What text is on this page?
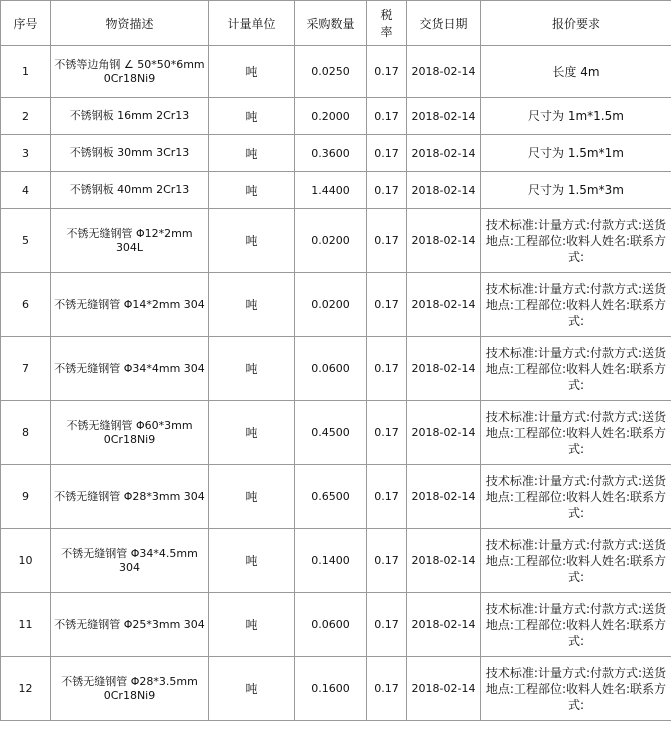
序号	物资描述	计量单位	采购数量	税率	交货日期	报价要求
1	不锈等边角钢 ∠ 50*50*6mm 0Cr18Ni9	吨	0.0250	0.17	2018-02-14	长度 4m
2	不锈钢板 16mm 2Cr13	吨	0.2000	0.17	2018-02-14	尺寸为 1m*1.5m
3	不锈钢板 30mm 3Cr13	吨	0.3600	0.17	2018-02-14	尺寸为 1.5m*1m
4	不锈钢板 40mm 2Cr13	吨	1.4400	0.17	2018-02-14	尺寸为 1.5m*3m
5	不锈无缝钢管 Φ12*2mm 304L	吨	0.0200	0.17	2018-02-14	技术标准:计量方式:付款方式:送货地点:工程部位:收料人姓名:联系方式:
6	不锈无缝钢管 Φ14*2mm 304	吨	0.0200	0.17	2018-02-14	技术标准:计量方式:付款方式:送货地点:工程部位:收料人姓名:联系方式:
7	不锈无缝钢管 Φ34*4mm 304	吨	0.0600	0.17	2018-02-14	技术标准:计量方式:付款方式:送货地点:工程部位:收料人姓名:联系方式:
8	不锈无缝钢管 Φ60*3mm 0Cr18Ni9	吨	0.4500	0.17	2018-02-14	技术标准:计量方式:付款方式:送货地点:工程部位:收料人姓名:联系方式:
9	不锈无缝钢管 Φ28*3mm 304	吨	0.6500	0.17	2018-02-14	技术标准:计量方式:付款方式:送货地点:工程部位:收料人姓名:联系方式:
10	不锈无缝钢管 Φ34*4.5mm 304	吨	0.1400	0.17	2018-02-14	技术标准:计量方式:付款方式:送货地点:工程部位:收料人姓名:联系方式:
11	不锈无缝钢管 Φ25*3mm 304	吨	0.0600	0.17	2018-02-14	技术标准:计量方式:付款方式:送货地点:工程部位:收料人姓名:联系方式:
12	不锈无缝钢管 Φ28*3.5mm 0Cr18Ni9	吨	0.1600	0.17	2018-02-14	技术标准:计量方式:付款方式:送货地点:工程部位:收料人姓名:联系方式:
